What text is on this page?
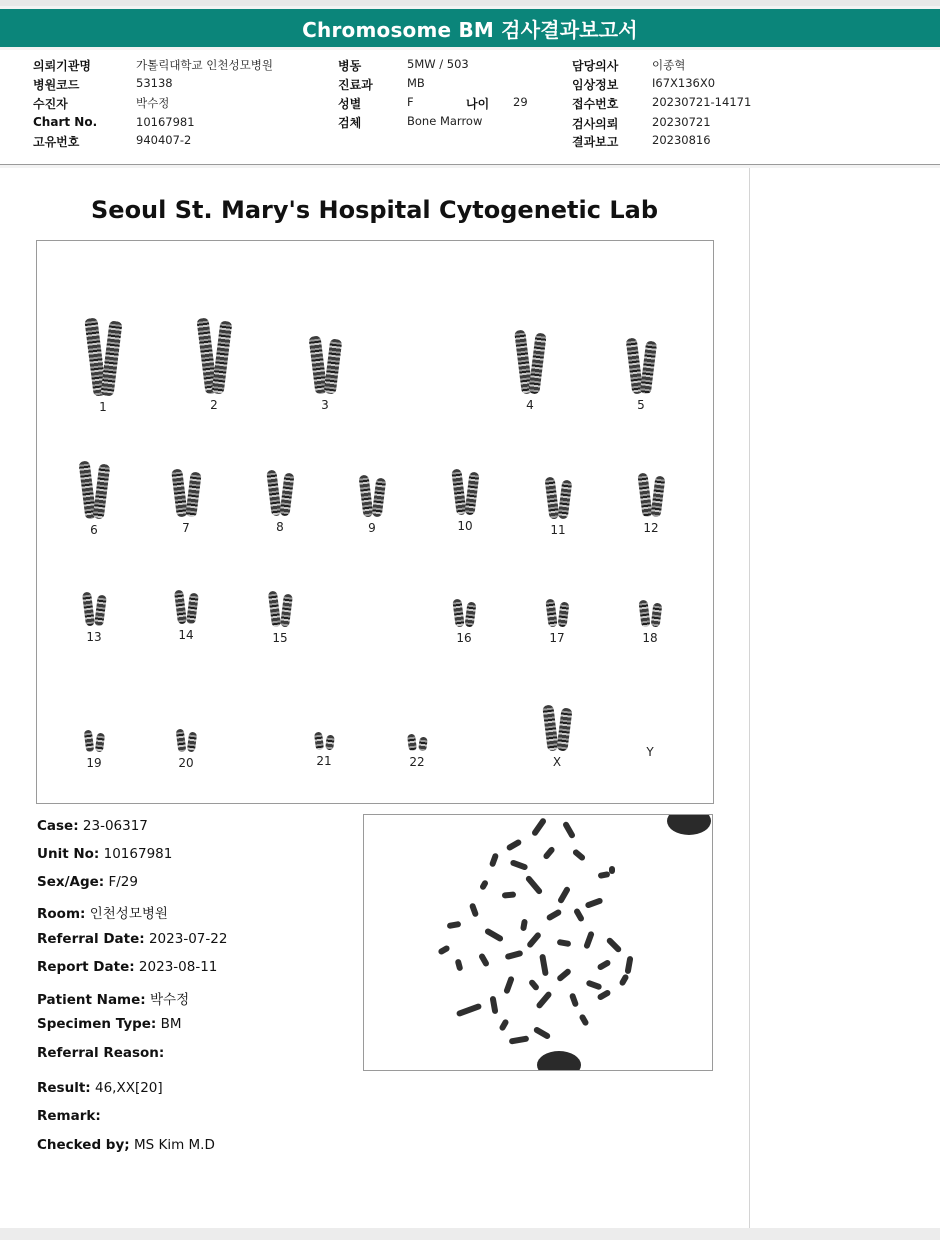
Chromosome BM 검사결과보고서
의뢰기관명	가톨릭대학교 인천성모병원
병원코드	53138
수진자	박수정
Chart No.	10167981
고유번호	940407-2
병동	5MW / 503
진료과	MB
성별	F	나이 29
검체	Bone Marrow
담당의사	이종혁
임상정보	I67X136X0
접수번호	20230721-14171
검사의뢰	20230721
결과보고	20230816
Seoul St. Mary's Hospital Cytogenetic Lab
1	2	3	4	5
6	7	8	9	10	11	12
13	14	15	16	17	18
19	20	21	22	X
Y
Case: 23-06317
Unit No: 10167981
Sex/Age: F/29
Room: 인천성모병원
Referral Date: 2023-07-22
Report Date: 2023-08-11
Patient Name: 박수정
Specimen Type: BM
Referral Reason:
Result: 46,XX[20]
Remark:
Checked by; MS Kim M.D
